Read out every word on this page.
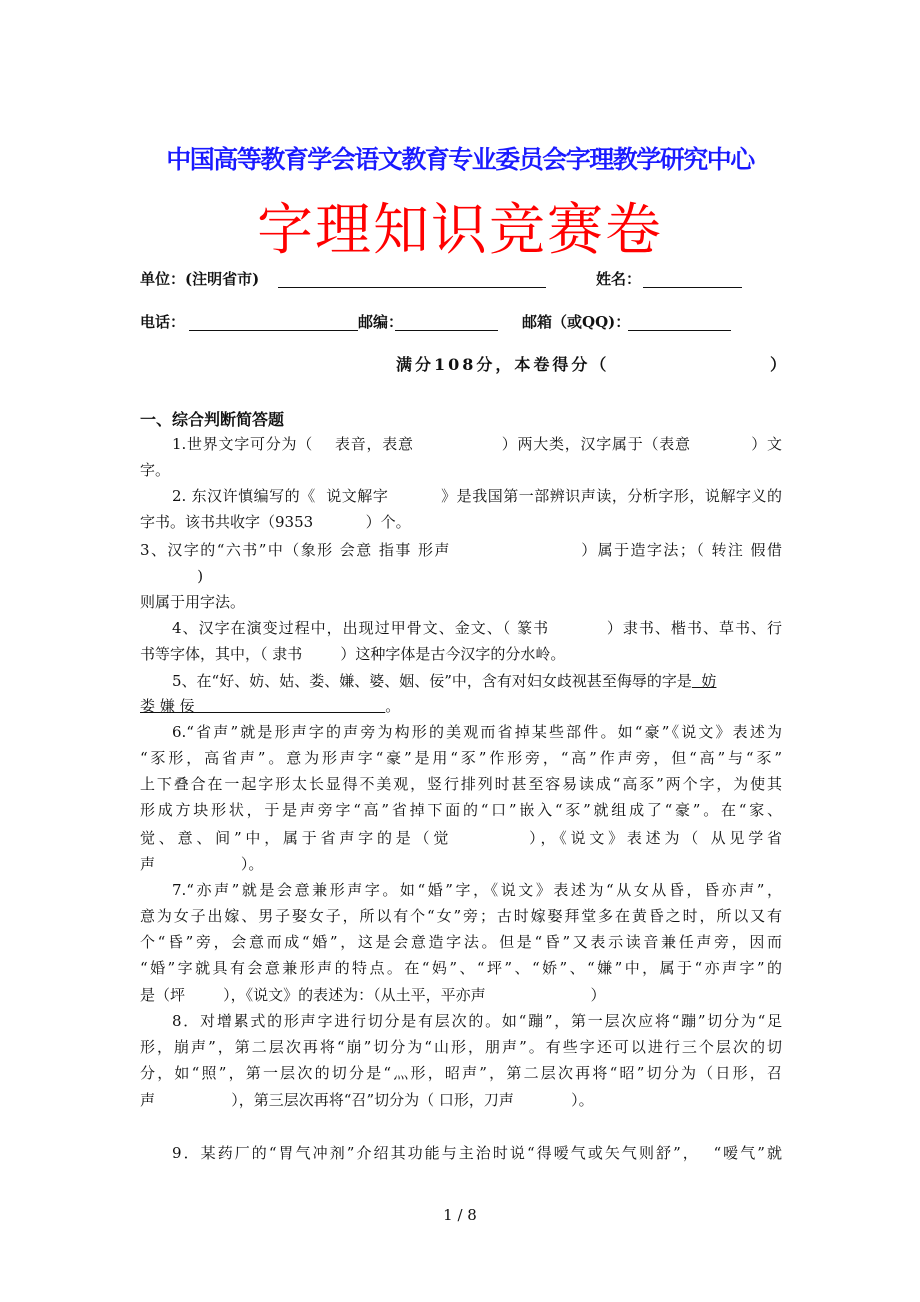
中国高等教育学会语文教育专业委员会字理教学研究中心
字理知识竞赛卷
单位：(注明省市)	姓名：
电话：	邮编：	邮箱（或QQ)：
满分108分，本卷得分（	）
一、综合判断简答题
1.世界文字可分为（    表音，表意                ）两大类，汉字属于（表意           ）文
字。
2. 东汉许慎编写的《  说文解字          》是我国第一部辨识声读，分析字形，说解字义的
字书。该书共收字（9353           ）个。
3、汉字的“六书”中（象形 会意 指事 形声                     ）属于造字法；（ 转注 假借
)
则属于用字法。
4、汉字在演变过程中，出现过甲骨文、金文、（ 篆书          ）隶书、楷书、草书、行
书等字体，其中，（ 隶书        ）这种字体是古今汉字的分水岭。
5、在“好、妨、姑、娄、嫌、婆、姻、佞”中，含有对妇女歧视甚至侮辱的字是  妨
娄 嫌 佞                                        。
6.“省声”就是形声字的声旁为构形的美观而省掉某些部件。如“豪”《说文》表述为
“豕形，高省声”。意为形声字“豪”是用“豕”作形旁，“高”作声旁，但“高”与“豕”
上下叠合在一起字形太长显得不美观，竖行排列时甚至容易读成“高豕”两个字，为使其
形成方块形状，于是声旁字“高”省掉下面的“口”嵌入“豕”就组成了“豪”。在“家、
觉、意、间”中，属于省声字的是（觉         ），《说文》表述为（ 从见学省
声                  ）。
7.“亦声”就是会意兼形声字。如“婚”字，《说文》表述为“从女从昏，昏亦声”，
意为女子出嫁、男子娶女子，所以有个“女”旁；古时嫁娶拜堂多在黄昏之时，所以又有
个“昏”旁，会意而成“婚”，这是会意造字法。但是“昏”又表示读音兼任声旁，因而
“婚”字就具有会意兼形声的特点。在“妈”、“坪”、“娇”、“嫌”中，属于“亦声字”的
是（坪        ），《说文》的表述为：（从土平，平亦声                      ）
8．对增累式的形声字进行切分是有层次的。如“蹦”，第一层次应将“蹦”切分为“足
形，崩声”，第二层次再将“崩”切分为“山形，朋声”。有些字还可以进行三个层次的切
分，如“照”，第一层次的切分是“灬形，昭声”，第二层次再将“昭”切分为（日形，召
声                ），第三层次再将“召”切分为（ 口形，刀声            ）。
9．某药厂的“胃气冲剂”介绍其功能与主治时说“得嗳气或矢气则舒”，  “嗳气”就
1 / 8
